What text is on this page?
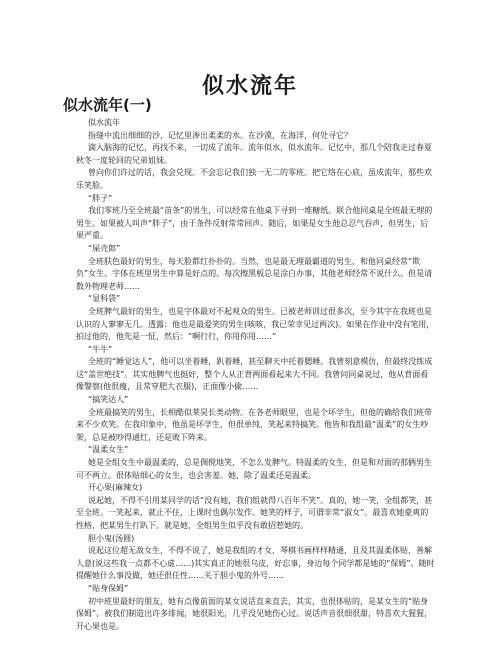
似水流年
似水流年(一)

似水流年

指缝中流出细细的沙，记忆里渗出柔柔的水。在沙漠，在海洋，何处寻它？

滴入脑海的记忆，再找不来，一切成了流年。流年似水，似水流年。记忆中，那几个陪我走过春夏秋冬一度轮回的兄弟姐妹。

曾向你们许过的话，我会兑现。不会忘记我们独一无二的零班。把它络在心底，虽成流年，那些欢乐笑脸。

“胖子”

我们零班乃至全班最“苗条”的男生，可以经常在他桌下寻到一堆糖纸。联合他同桌是全班最无理的男生。如果被人叫声“胖子”，由于条件反射常常回声。随后，如果是女生他总忍气吞声，但男生，后果严重。

“屎壳郎”

全班肤色最好的男生，每天脸都红扑扑的。当然，也是最无理最霸道的男生，和他同桌经常“欺负”女生。字体在班里男生中算是好点的。每次擦黑板总是涂白办事，其他老师经常不说什么。但是请数外物理老师……

“显科袋”

全班脾气最好的男生，也是字体最对不起观众的男生。已被老师训过很多次，至今其字在我班也是认识的人寥寥无几。透露：他也是最爱笑的男生(咳咳，我已荣幸见过两次)。如果在作业中没有笔用，拍过他的，他先是一怔，然后：“啊行行，你用你用……”

“牛牛”

全班的“睡觉达人”，他可以坐着睡，趴着睡，甚至聊天中托着腮睡。我曾刻意模仿，但最终没练成这“盖世绝技”。其实他脾气也挺好，整个人从正背两面看起来大不同。我曾问同桌说过，他从背面看像警察(他很瘦，且常穿肥大衣服)，正面像小偷……

“搞笑达人”

全班最搞笑的男生，长相酷似莱昊长类动物。在各老师眼里，也是个坏学生，但他的确给我们班带来不少欢笑。在我印象中，他虽是坏学生，但很单纯，笑起来特搞笑。他皆和我组最“温柔”的女生吵架，总是被吵得通红，还是败下阵来。

“温柔女生”

她是全组女生中最温柔的，总是倜傥地笑，不怎么发脾气。特温柔的女生，但是和对面的那俩男生可不两立。很体贴细心的女生，也会害羞。她，除了温柔还是温柔。

开心果(麻辣女)

说起她，不得不引用某同学的话“没有她，我们组就得八百年不笑”。真的，她一笑，全组都笑，甚至全班。一笑起来，就止不住，上课时也偶尔发作。她笑的样子，可谓非常“淑女”。最喜欢她豪爽的性格，把某男生打趴下。就是她，全组男生似乎没有敢招惹她的。

胆小鬼(汤圆)

说起这位超无敌女生，不得不说了，她是我组的才女，琴棋书画样样精通，且及其温柔体贴，善解人意(说这些我一点都不心虚……)其实真正的她很乌皮，好忘事，身边每个同学都是她的“保姆”。随时提醒她什么事没做，她还很任性……关于胆小鬼的外号……

“贴身保姆”

初中班里最好的朋友，她有点像前面的某女说话直来直去，其实，也很体贴的，是某女生的“贴身保姆”。被我们制造出许多绯闻，她很阳光，几乎没见她伤心过。说话声音很细很甜，特喜欢大猩猩，开心果也是。
